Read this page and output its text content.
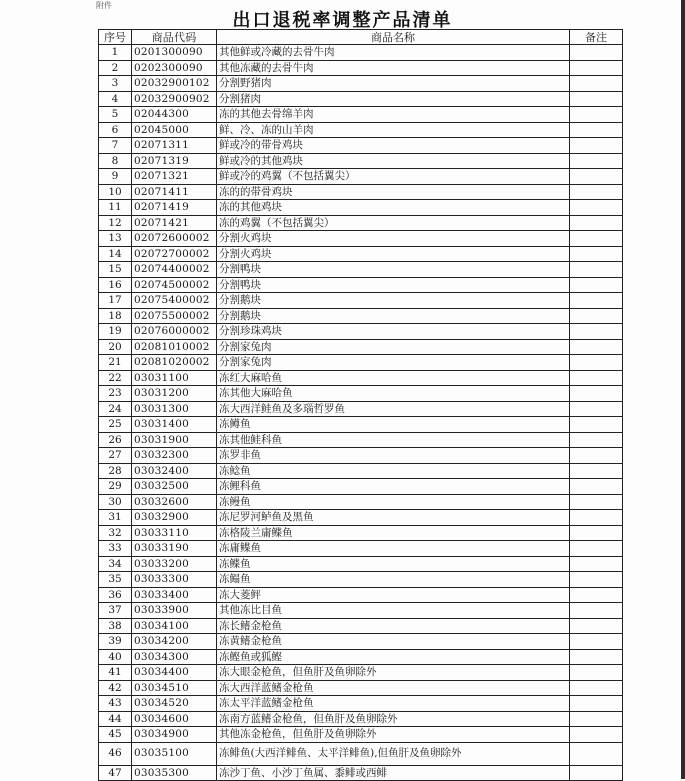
附件
出口退税率调整产品清单
序号	商品代码	商品名称	备注
1	0201300090	其他鲜或冷藏的去骨牛肉	
2	0202300090	其他冻藏的去骨牛肉	
3	02032900102	分割野猪肉	
4	02032900902	分割猪肉	
5	02044300	冻的其他去骨绵羊肉	
6	02045000	鲜、冷、冻的山羊肉	
7	02071311	鲜或冷的带骨鸡块	
8	02071319	鲜或冷的其他鸡块	
9	02071321	鲜或冷的鸡翼（不包括翼尖）	
10	02071411	冻的的带骨鸡块	
11	02071419	冻的其他鸡块	
12	02071421	冻的鸡翼（不包括翼尖）	
13	02072600002	分割火鸡块	
14	02072700002	分割火鸡块	
15	02074400002	分割鸭块	
16	02074500002	分割鸭块	
17	02075400002	分割鹅块	
18	02075500002	分割鹅块	
19	02076000002	分割珍珠鸡块	
20	02081010002	分割家兔肉	
21	02081020002	分割家兔肉	
22	03031100	冻红大麻哈鱼	
23	03031200	冻其他大麻哈鱼	
24	03031300	冻大西洋鲑鱼及多瑙哲罗鱼	
25	03031400	冻鳟鱼	
26	03031900	冻其他鲑科鱼	
27	03032300	冻罗非鱼	
28	03032400	冻鲶鱼	
29	03032500	冻鲤科鱼	
30	03032600	冻鳗鱼	
31	03032900	冻尼罗河鲈鱼及黑鱼	
32	03033110	冻格陵兰庸鲽鱼	
33	03033190	冻庸鲽鱼	
34	03033200	冻鲽鱼	
35	03033300	冻鳎鱼	
36	03033400	冻大菱鲆	
37	03033900	其他冻比目鱼	
38	03034100	冻长鳍金枪鱼	
39	03034200	冻黄鳍金枪鱼	
40	03034300	冻鲣鱼或狐鲣	
41	03034400	冻大眼金枪鱼，但鱼肝及鱼卵除外	
42	03034510	冻大西洋蓝鳍金枪鱼	
43	03034520	冻太平洋蓝鳍金枪鱼	
44	03034600	冻南方蓝鳍金枪鱼，但鱼肝及鱼卵除外	
45	03034900	其他冻金枪鱼，但鱼肝及鱼卵除外	
46	03035100	冻鲱鱼(大西洋鲱鱼、太平洋鲱鱼),但鱼肝及鱼卵除外	
47	03035300	冻沙丁鱼、小沙丁鱼属、黍鲱或西鲱	
